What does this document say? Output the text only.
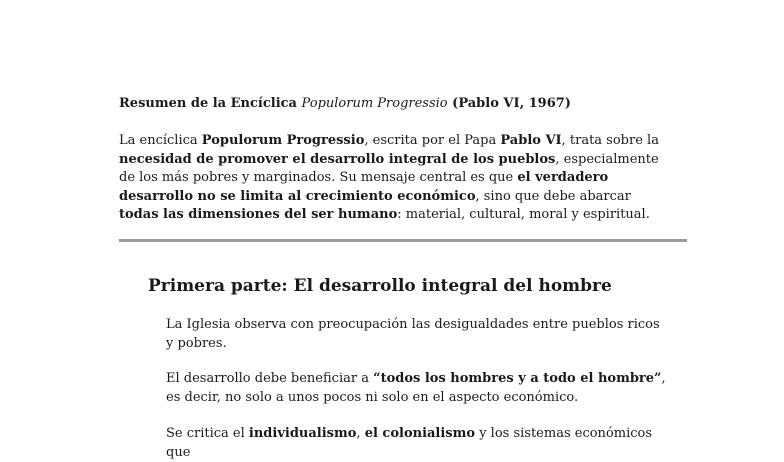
Resumen de la Encíclica Populorum Progressio (Pablo VI, 1967)
La encíclica Populorum Progressio, escrita por el Papa Pablo VI, trata sobre la necesidad de promover el desarrollo integral de los pueblos, especialmente de los más pobres y marginados. Su mensaje central es que el verdadero desarrollo no se limita al crecimiento económico, sino que debe abarcar todas las dimensiones del ser humano: material, cultural, moral y espiritual.
Primera parte: El desarrollo integral del hombre
La Iglesia observa con preocupación las desigualdades entre pueblos ricos y pobres.
El desarrollo debe beneficiar a “todos los hombres y a todo el hombre”, es decir, no solo a unos pocos ni solo en el aspecto económico.
Se critica el individualismo, el colonialismo y los sistemas económicos que
